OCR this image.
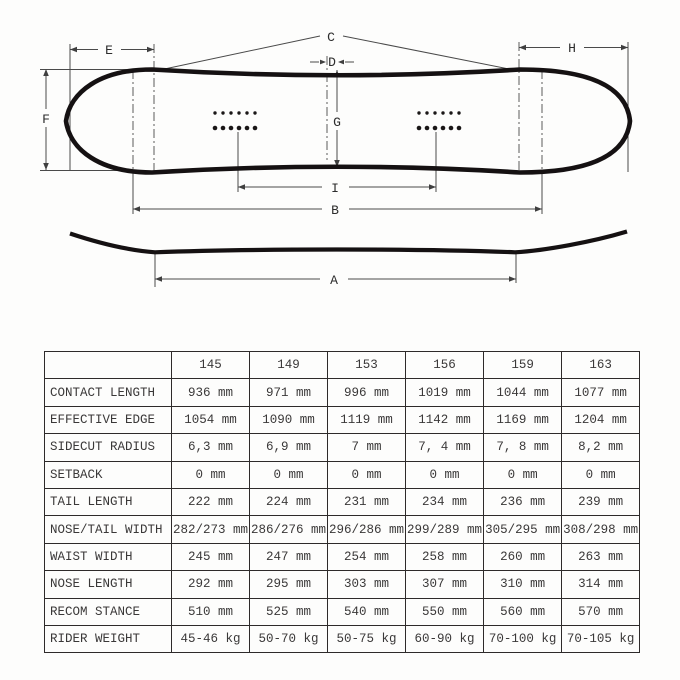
E
C
H
D
F	G
I
B
A
	145	149	153	156	159	163
CONTACT LENGTH	936 mm	971 mm	996 mm	1019 mm	1044 mm	1077 mm
EFFECTIVE EDGE	1054 mm	1090 mm	1119 mm	1142 mm	1169 mm	1204 mm
SIDECUT RADIUS	6,3 mm	6,9 mm	7 mm	7, 4 mm	7, 8 mm	8,2 mm
SETBACK	0 mm	0 mm	0 mm	0 mm	0 mm	0 mm
TAIL LENGTH	222 mm	224 mm	231 mm	234 mm	236 mm	239 mm
NOSE/TAIL WIDTH	282/273 mm	286/276 mm	296/286 mm	299/289 mm	305/295 mm	308/298 mm
WAIST WIDTH	245 mm	247 mm	254 mm	258 mm	260 mm	263 mm
NOSE LENGTH	292 mm	295 mm	303 mm	307 mm	310 mm	314 mm
RECOM STANCE	510 mm	525 mm	540 mm	550 mm	560 mm	570 mm
RIDER WEIGHT	45-46 kg	50-70 kg	50-75 kg	60-90 kg	70-100 kg	70-105 kg
